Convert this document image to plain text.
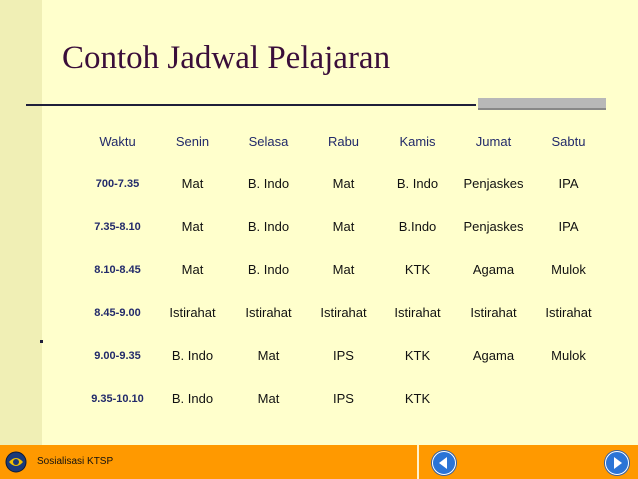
Contoh Jadwal Pelajaran
Waktu	Senin	Selasa	Rabu	Kamis	Jumat	Sabtu
700-7.35	Mat	B. Indo	Mat	B. Indo	Penjaskes	IPA
7.35-8.10	Mat	B. Indo	Mat	B.Indo	Penjaskes	IPA
8.10-8.45	Mat	B. Indo	Mat	KTK	Agama	Mulok
8.45-9.00	Istirahat	Istirahat	Istirahat	Istirahat	Istirahat	Istirahat
9.00-9.35	B. Indo	Mat	IPS	KTK	Agama	Mulok
9.35-10.10	B. Indo	Mat	IPS	KTK		
Sosialisasi KTSP
